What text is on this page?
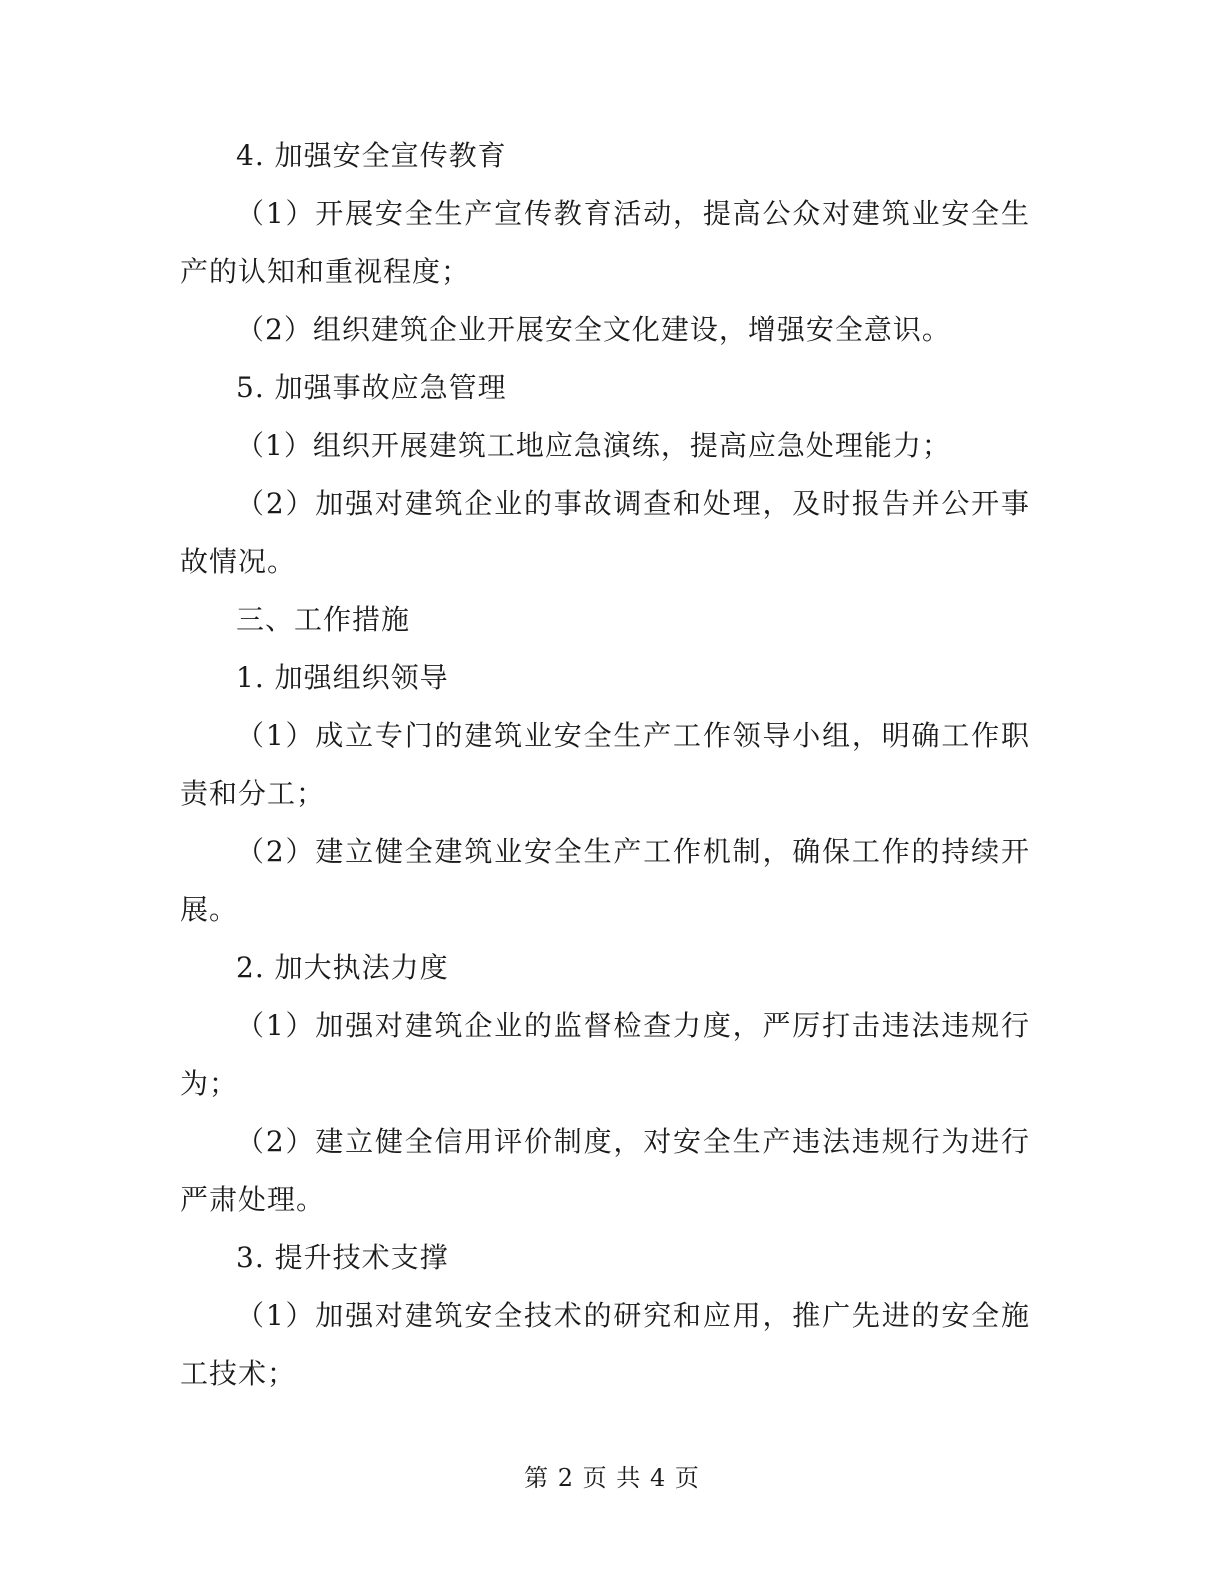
4. 加强安全宣传教育

（1）开展安全生产宣传教育活动，提高公众对建筑业安全生产的认知和重视程度；

（2）组织建筑企业开展安全文化建设，增强安全意识。

5. 加强事故应急管理

（1）组织开展建筑工地应急演练，提高应急处理能力；

（2）加强对建筑企业的事故调查和处理，及时报告并公开事故情况。

三、工作措施

1. 加强组织领导

（1）成立专门的建筑业安全生产工作领导小组，明确工作职责和分工；

（2）建立健全建筑业安全生产工作机制，确保工作的持续开展。

2. 加大执法力度

（1）加强对建筑企业的监督检查力度，严厉打击违法违规行为；

（2）建立健全信用评价制度，对安全生产违法违规行为进行严肃处理。

3. 提升技术支撑

（1）加强对建筑安全技术的研究和应用，推广先进的安全施工技术；

第 2 页 共 4 页
